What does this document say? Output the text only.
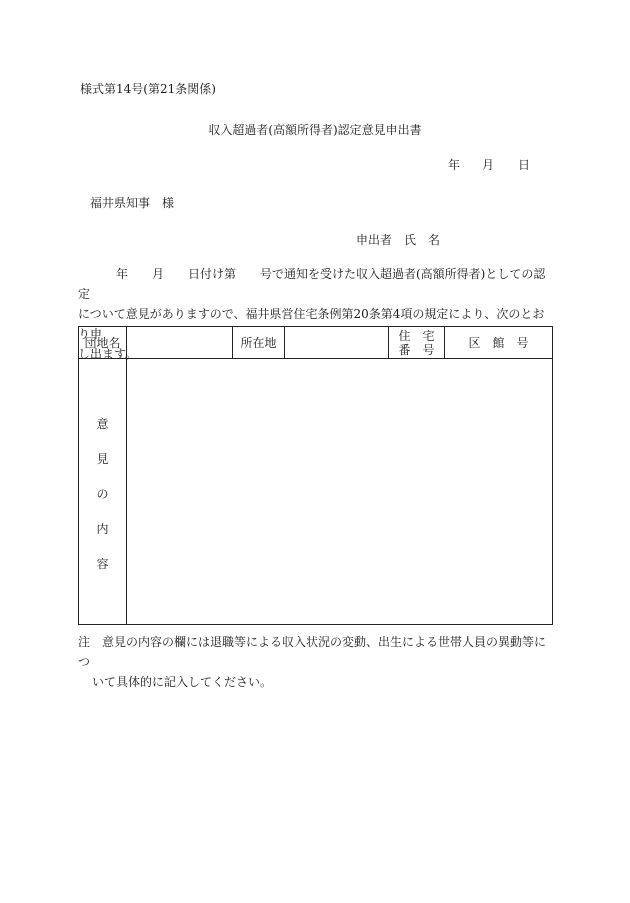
様式第14号(第21条関係)
収入超過者(高額所得者)認定意見申出書
年 月 日
福井県知事　様
申出者　氏　名
年　　月　　日付け第　　号で通知を受けた収入超過者(高額所得者)としての認定
について意見がありますので、福井県営住宅条例第20条第4項の規定により、次のとおり申
し出ます。
団地名		所在地		住　宅
番　号	区　館　号

意
見
の
内
容					

注　意見の内容の欄には退職等による収入状況の変動、出生による世帯人員の異動等につ
いて具体的に記入してください。
